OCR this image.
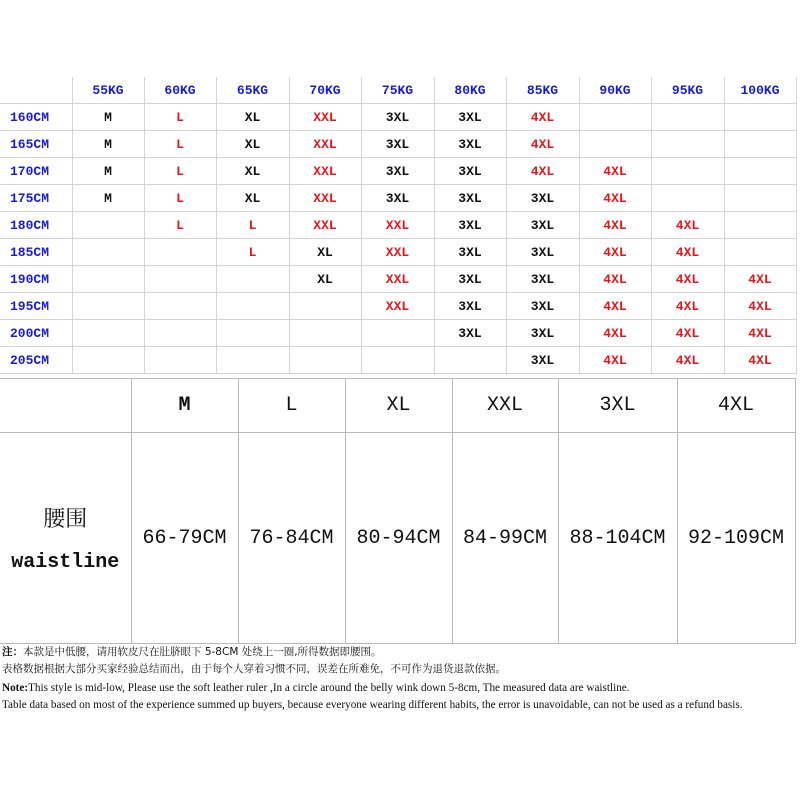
	55KG	60KG	65KG	70KG	75KG	80KG	85KG	90KG	95KG	100KG
160CM	M	L	XL	XXL	3XL	3XL	4XL			
165CM	M	L	XL	XXL	3XL	3XL	4XL			
170CM	M	L	XL	XXL	3XL	3XL	4XL	4XL		
175CM	M	L	XL	XXL	3XL	3XL	3XL	4XL		
180CM		L	L	XXL	XXL	3XL	3XL	4XL	4XL	
185CM			L	XL	XXL	3XL	3XL	4XL	4XL	
190CM				XL	XXL	3XL	3XL	4XL	4XL	4XL
195CM					XXL	3XL	3XL	4XL	4XL	4XL
200CM						3XL	3XL	4XL	4XL	4XL
205CM							3XL	4XL	4XL	4XL
	M	L	XL	XXL	3XL	4XL

腰围
waistline	66-79CM	76-84CM	80-94CM	84-99CM	88-104CM	92-109CM
注：本款是中低腰，请用软皮尺在肚脐眼下 5-8CM 处绕上一圈,所得数据即腰围。
表格数据根据大部分买家经验总结而出，由于每个人穿着习惯不同，误差在所难免，不可作为退货退款依据。
Note:This style is mid-low, Please use the soft leather ruler ,In a circle around the belly wink down 5-8cm, The measured data are waistline.
Table data based on most of the experience summed up buyers, because everyone wearing different habits, the error is unavoidable, can not be used as a refund basis.
